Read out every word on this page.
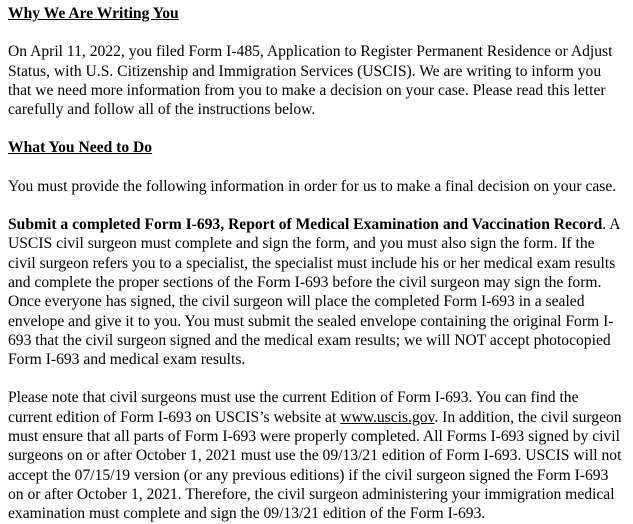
Why We Are Writing You

On April 11, 2022, you filed Form I-485, Application to Register Permanent Residence or Adjust Status, with U.S. Citizenship and Immigration Services (USCIS). We are writing to inform you that we need more information from you to make a decision on your case. Please read this letter carefully and follow all of the instructions below.

What You Need to Do

You must provide the following information in order for us to make a final decision on your case.

Submit a completed Form I-693, Report of Medical Examination and Vaccination Record. A USCIS civil surgeon must complete and sign the form, and you must also sign the form. If the civil surgeon refers you to a specialist, the specialist must include his or her medical exam results and complete the proper sections of the Form I-693 before the civil surgeon may sign the form. Once everyone has signed, the civil surgeon will place the completed Form I-693 in a sealed envelope and give it to you. You must submit the sealed envelope containing the original Form I-693 that the civil surgeon signed and the medical exam results; we will NOT accept photocopied Form I-693 and medical exam results.

Please note that civil surgeons must use the current Edition of Form I-693. You can find the current edition of Form I-693 on USCIS’s website at www.uscis.gov. In addition, the civil surgeon must ensure that all parts of Form I-693 were properly completed. All Forms I-693 signed by civil surgeons on or after October 1, 2021 must use the 09/13/21 edition of Form I-693. USCIS will not accept the 07/15/19 version (or any previous editions) if the civil surgeon signed the Form I-693 on or after October 1, 2021. Therefore, the civil surgeon administering your immigration medical examination must complete and sign the 09/13/21 edition of the Form I-693.
